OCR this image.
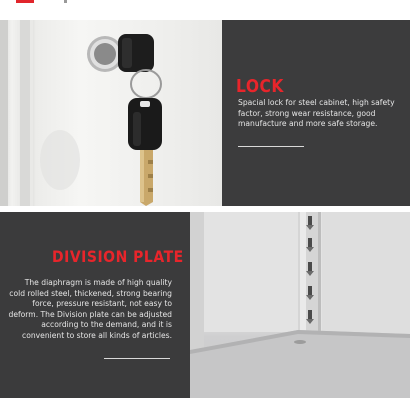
LOCK
Spacial lock for steel cabinet, high safety factor, strong wear resistance, good manufacture and more safe storage.
DIVISION PLATE
The diaphragm is made of high quality cold rolled steel, thickened, strong bearing force, pressure resistant, not easy to deform. The Division plate can be adjusted according to the demand, and it is convenient to store all kinds of articles.
